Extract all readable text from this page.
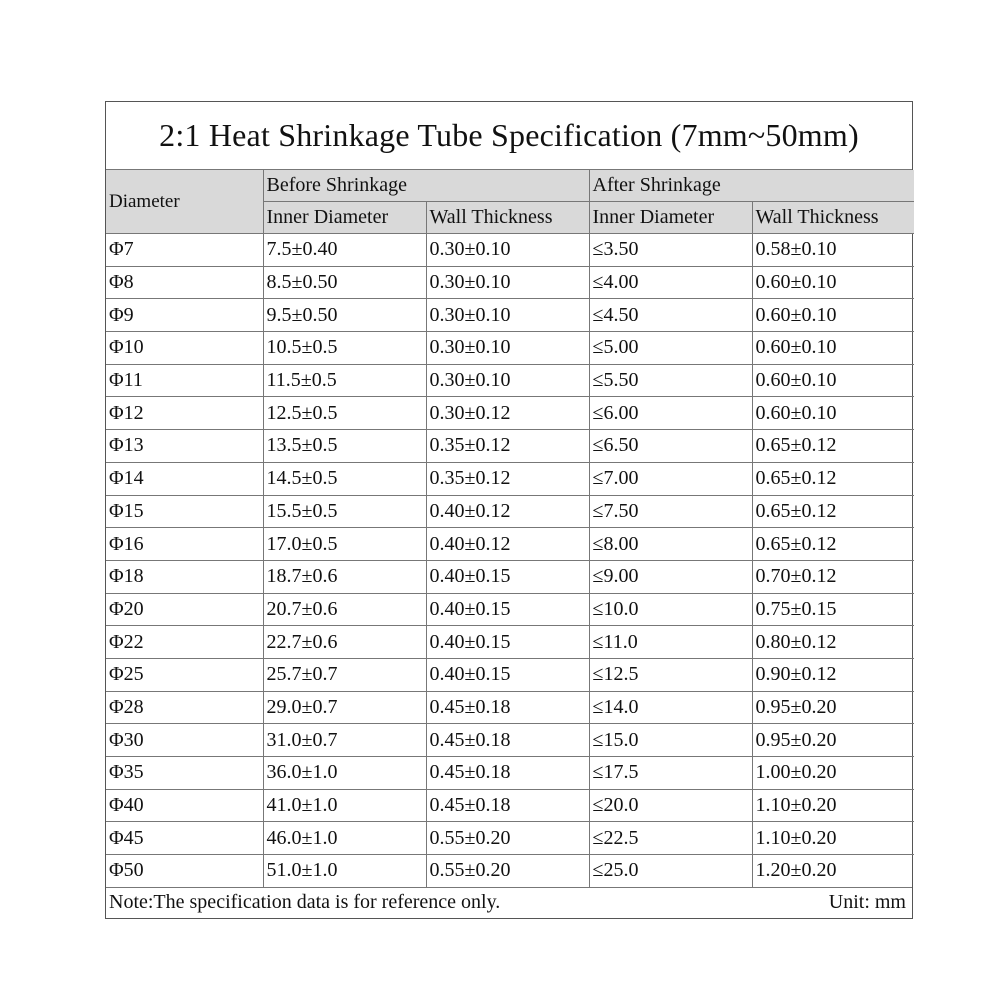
2:1 Heat Shrinkage Tube Specification (7mm~50mm)
Diameter	Before Shrinkage		After Shrinkage	
	Inner Diameter	Wall Thickness	Inner Diameter	Wall Thickness
Φ7	7.5±0.40	0.30±0.10	≤3.50	0.58±0.10
Φ8	8.5±0.50	0.30±0.10	≤4.00	0.60±0.10
Φ9	9.5±0.50	0.30±0.10	≤4.50	0.60±0.10
Φ10	10.5±0.5	0.30±0.10	≤5.00	0.60±0.10
Φ11	11.5±0.5	0.30±0.10	≤5.50	0.60±0.10
Φ12	12.5±0.5	0.30±0.12	≤6.00	0.60±0.10
Φ13	13.5±0.5	0.35±0.12	≤6.50	0.65±0.12
Φ14	14.5±0.5	0.35±0.12	≤7.00	0.65±0.12
Φ15	15.5±0.5	0.40±0.12	≤7.50	0.65±0.12
Φ16	17.0±0.5	0.40±0.12	≤8.00	0.65±0.12
Φ18	18.7±0.6	0.40±0.15	≤9.00	0.70±0.12
Φ20	20.7±0.6	0.40±0.15	≤10.0	0.75±0.15
Φ22	22.7±0.6	0.40±0.15	≤11.0	0.80±0.12
Φ25	25.7±0.7	0.40±0.15	≤12.5	0.90±0.12
Φ28	29.0±0.7	0.45±0.18	≤14.0	0.95±0.20
Φ30	31.0±0.7	0.45±0.18	≤15.0	0.95±0.20
Φ35	36.0±1.0	0.45±0.18	≤17.5	1.00±0.20
Φ40	41.0±1.0	0.45±0.18	≤20.0	1.10±0.20
Φ45	46.0±1.0	0.55±0.20	≤22.5	1.10±0.20
Φ50	51.0±1.0	0.55±0.20	≤25.0	1.20±0.20
Note:The specification data is for reference only.	Unit: mm
